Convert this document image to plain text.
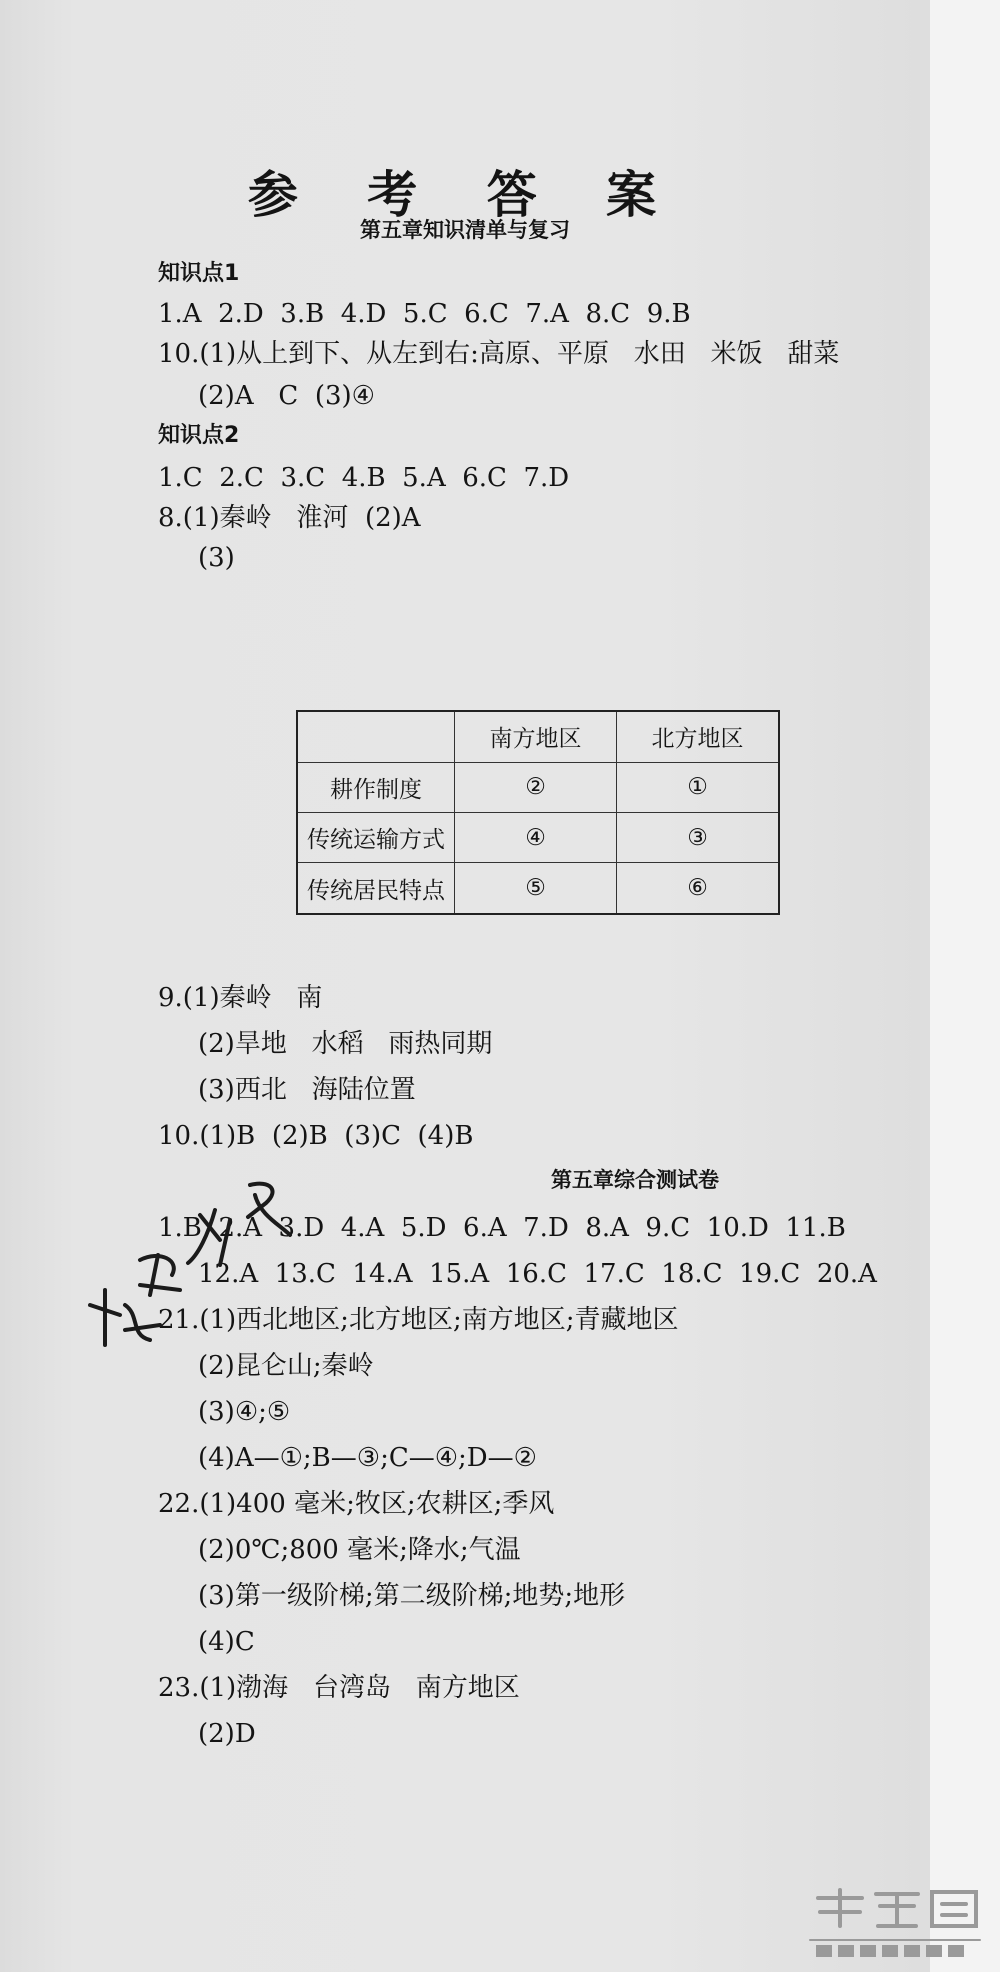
参 考 答 案
第五章知识清单与复习
知识点1
1.A  2.D  3.B  4.D  5.C  6.C  7.A  8.C  9.B
10.(1)从上到下、从左到右:高原、平原   水田   米饭   甜菜
(2)A   C  (3)④
知识点2
1.C  2.C  3.C  4.B  5.A  6.C  7.D
8.(1)秦岭   淮河  (2)A
(3)
	南方地区	北方地区
耕作制度	②	①
传统运输方式	④	③
传统居民特点	⑤	⑥
9.(1)秦岭   南
(2)旱地   水稻   雨热同期
(3)西北   海陆位置
10.(1)B  (2)B  (3)C  (4)B
第五章综合测试卷
1.B  2.A  3.D  4.A  5.D  6.A  7.D  8.A  9.C  10.D  11.B
12.A  13.C  14.A  15.A  16.C  17.C  18.C  19.C  20.A
21.(1)西北地区;北方地区;南方地区;青藏地区
(2)昆仑山;秦岭
(3)④;⑤
(4)A—①;B—③;C—④;D—②
22.(1)400 毫米;牧区;农耕区;季风
(2)0℃;800 毫米;降水;气温
(3)第一级阶梯;第二级阶梯;地势;地形
(4)C
23.(1)渤海   台湾岛   南方地区
(2)D
